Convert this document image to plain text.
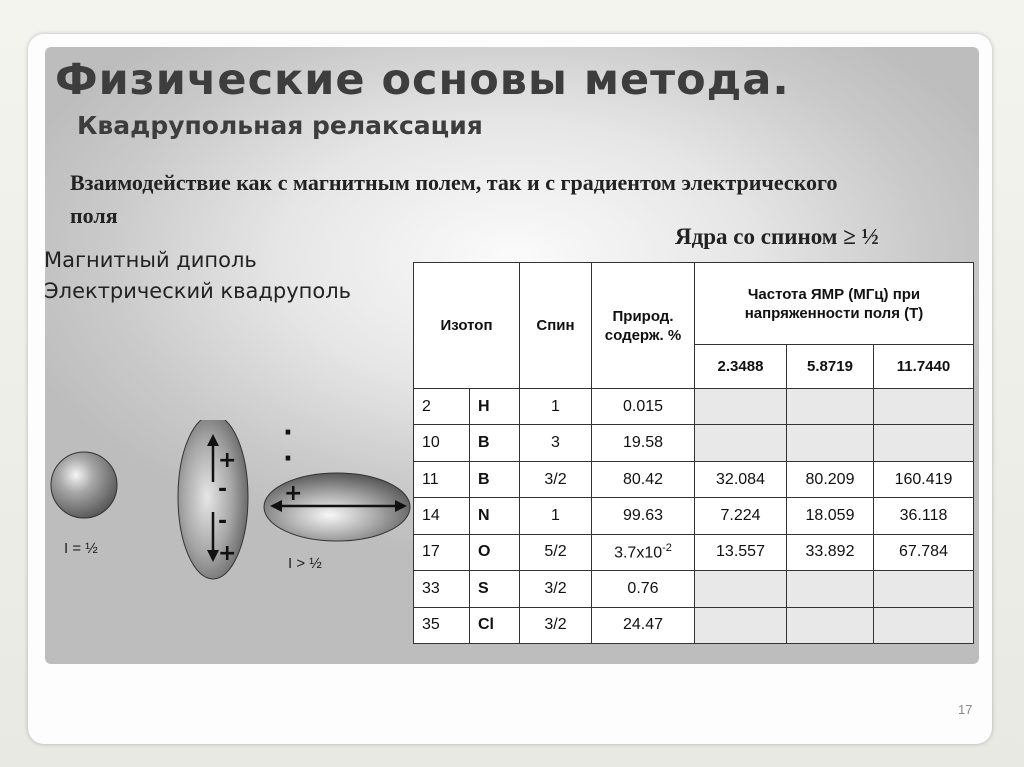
Физические основы метода.
Квадрупольная релаксация
Взаимодействие как с магнитным полем, так и с градиентом электрического поля
Ядра со спином ≥ ½
Магнитный диполь
Электрический квадруполь
+
-
-
+
+
·
·
I = ½
I > ½
Изотоп		Спин	Природ. содерж. %	Частота ЯМР (МГц) при напряженности поля (Т)		
				2.3488	5.8719	11.7440
2	H	1	0.015			
10	B	3	19.58			
11	B	3/2	80.42	32.084	80.209	160.419
14	N	1	99.63	7.224	18.059	36.118
17	O	5/2	$3.7x10^{-2}$	13.557	33.892	67.784
33	S	3/2	0.76			
35	Cl	3/2	24.47			
17
